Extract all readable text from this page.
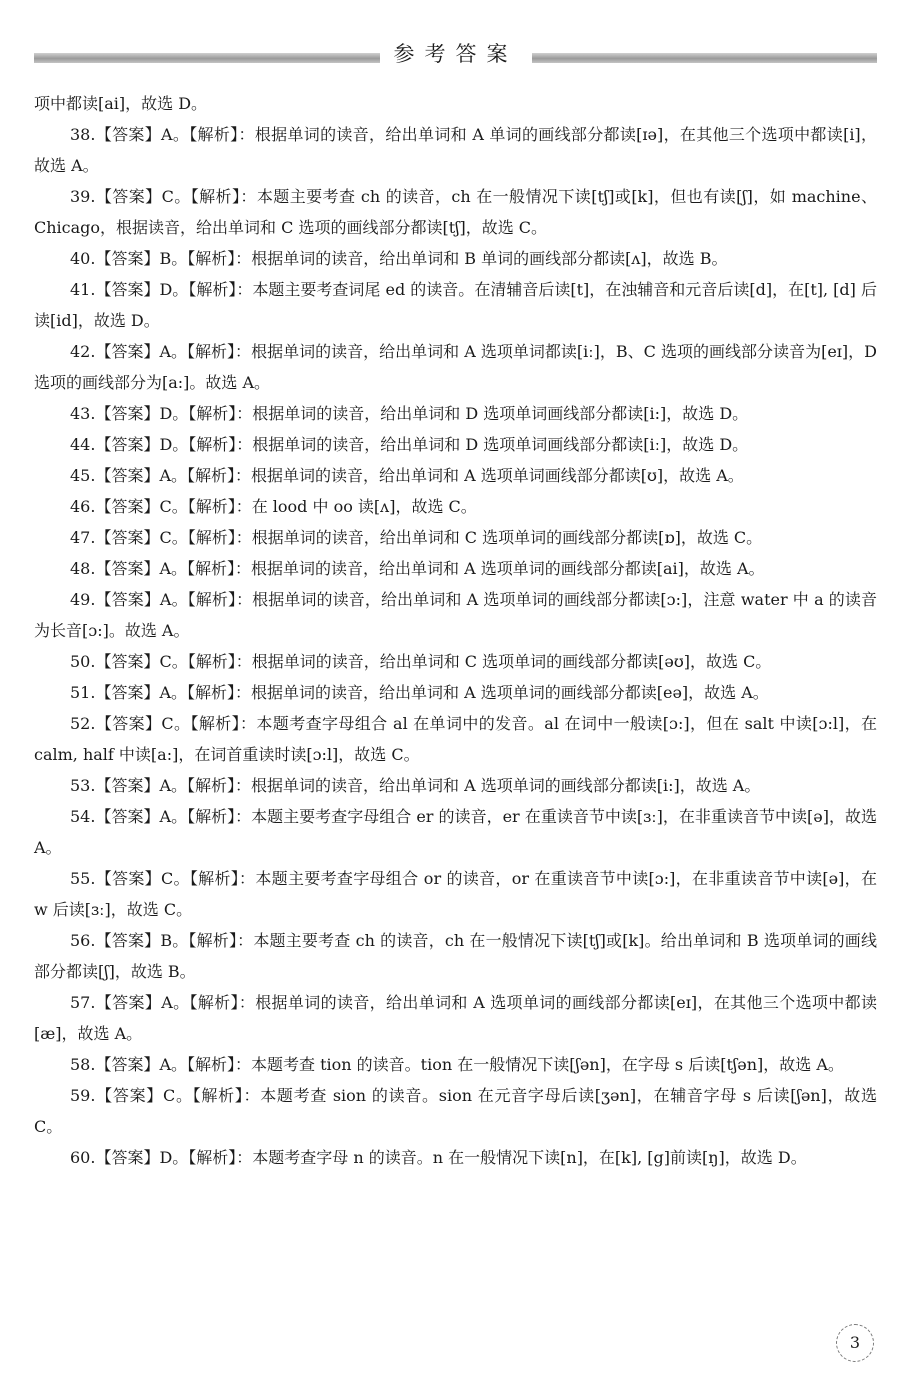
参考答案

项中都读[ai]，故选 D。

38.【答案】A。【解析】：根据单词的读音，给出单词和 A 单词的画线部分都读[ɪə]，在其他三个选项中都读[i]，故选 A。

39.【答案】C。【解析】：本题主要考查 ch 的读音，ch 在一般情况下读[tʃ]或[k]，但也有读[ʃ]，如 machine、Chicago，根据读音，给出单词和 C 选项的画线部分都读[tʃ]，故选 C。

40.【答案】B。【解析】：根据单词的读音，给出单词和 B 单词的画线部分都读[ʌ]，故选 B。

41.【答案】D。【解析】：本题主要考查词尾 ed 的读音。在清辅音后读[t]，在浊辅音和元音后读[d]，在[t], [d] 后读[id]，故选 D。

42.【答案】A。【解析】：根据单词的读音，给出单词和 A 选项单词都读[iː]，B、C 选项的画线部分读音为[eɪ]，D 选项的画线部分为[a:]。故选 A。

43.【答案】D。【解析】：根据单词的读音，给出单词和 D 选项单词画线部分都读[i:]，故选 D。

44.【答案】D。【解析】：根据单词的读音，给出单词和 D 选项单词画线部分都读[iː]，故选 D。

45.【答案】A。【解析】：根据单词的读音，给出单词和 A 选项单词画线部分都读[ʊ]，故选 A。

46.【答案】C。【解析】：在 lood 中 oo 读[ʌ]，故选 C。

47.【答案】C。【解析】：根据单词的读音，给出单词和 C 选项单词的画线部分都读[ɒ]，故选 C。

48.【答案】A。【解析】：根据单词的读音，给出单词和 A 选项单词的画线部分都读[ai]，故选 A。

49.【答案】A。【解析】：根据单词的读音，给出单词和 A 选项单词的画线部分都读[ɔ:]，注意 water 中 a 的读音为长音[ɔ:]。故选 A。

50.【答案】C。【解析】：根据单词的读音，给出单词和 C 选项单词的画线部分都读[əʊ]，故选 C。

51.【答案】A。【解析】：根据单词的读音，给出单词和 A 选项单词的画线部分都读[eə]，故选 A。

52.【答案】C。【解析】：本题考查字母组合 al 在单词中的发音。al 在词中一般读[ɔ:]，但在 salt 中读[ɔ:l]，在 calm, half 中读[a:]，在词首重读时读[ɔ:l]，故选 C。

53.【答案】A。【解析】：根据单词的读音，给出单词和 A 选项单词的画线部分都读[i:]，故选 A。

54.【答案】A。【解析】：本题主要考查字母组合 er 的读音，er 在重读音节中读[ɜː]，在非重读音节中读[ə]，故选 A。

55.【答案】C。【解析】：本题主要考查字母组合 or 的读音，or 在重读音节中读[ɔ:]，在非重读音节中读[ə]，在 w 后读[ɜː]，故选 C。

56.【答案】B。【解析】：本题主要考查 ch 的读音，ch 在一般情况下读[tʃ]或[k]。给出单词和 B 选项单词的画线部分都读[ʃ]，故选 B。

57.【答案】A。【解析】：根据单词的读音，给出单词和 A 选项单词的画线部分都读[eɪ]，在其他三个选项中都读[æ]，故选 A。

58.【答案】A。【解析】：本题考查 tion 的读音。tion 在一般情况下读[ʃən]，在字母 s 后读[tʃən]，故选 A。

59.【答案】C。【解析】：本题考查 sion 的读音。sion 在元音字母后读[ʒən]，在辅音字母 s 后读[ʃən]，故选 C。

60.【答案】D。【解析】：本题考查字母 n 的读音。n 在一般情况下读[n]，在[k], [g]前读[ŋ]，故选 D。

3
